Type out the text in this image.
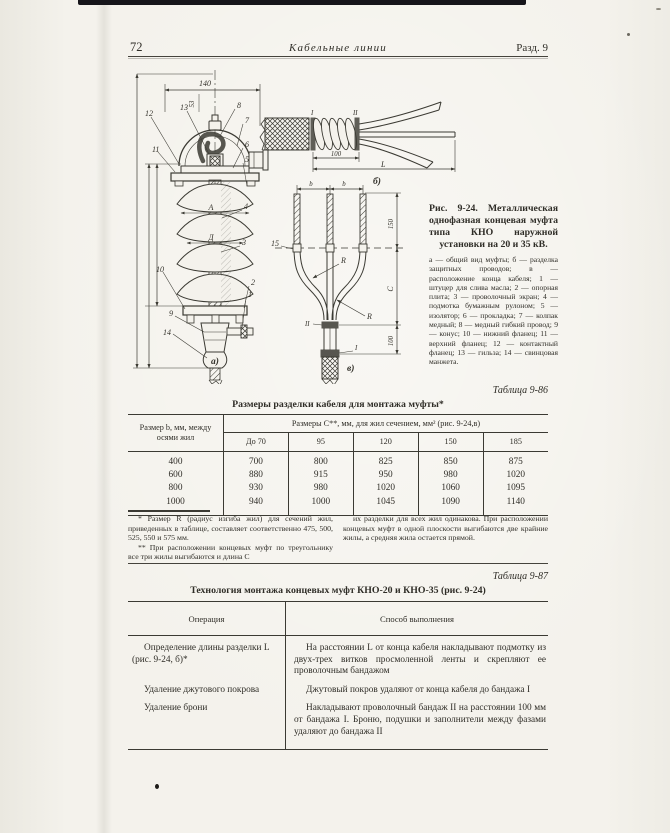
72	Кабельные линии	Разд. 9
140
53
А
Д
12
13
11
10
9
14
8
7
6
5
4
3
2
1
а)
I	II
100
L
б)
b	b
15
150
C
100
R
R
II
I
в)

Рис. 9-24. Металлическая однофазная концевая муфта типа КНО наружной установки на 20 и 35 кВ.

а — общий вид муфты; б — разделка защитных проводов; в — расположение конца кабеля; 1 — штуцер для слива масла; 2 — опорная плита; 3 — проволочный экран; 4 — подмотка бумажным рулоном; 5 — изолятор; 6 — прокладка; 7 — колпак медный; 8 — медный гибкий провод; 9 — конус; 10 — нижний фланец; 11 — верхний фланец; 12 — контактный фланец; 13 — гильза; 14 — свинцовая манжета.

Таблица 9-86
Размеры разделки кабеля для монтажа муфты*
Размер b, мм, между осями жил	Размеры С**, мм, для жил сечением, мм² (рис. 9-24,в)				
	До 70	95	120	150	185
400	700	800	825	850	875
600	880	915	950	980	1020
800	930	980	1020	1060	1095
1000	940	1000	1045	1090	1140

* Размер R (радиус изгиба жил) для сечений жил, приведенных в таблице, составляет соответственно 475, 500, 525, 550 и 575 мм.

** При расположении концевых муфт по треугольнику все три жилы выгибаются и длина С

их разделки для всех жил одинакова. При расположении концевых муфт в одной плоскости выгибаются две крайние жилы, а средняя жила остается прямой.

Таблица 9-87
Технология монтажа концевых муфт КНО-20 и КНО-35 (рис. 9-24)
Операция	Способ выполнения

Определение длины разделки L (рис. 9-24, б)*	На расстоянии L от конца кабеля накладывают подмотку из двух-трех витков просмоленной ленты и скрепляют ее проволочным бандажом

Удаление джутового покрова	Джутовый покров удаляют от конца кабеля до бандажа I

Удаление брони	Накладывают проволочный бандаж II на расстоянии 100 мм от бандажа I. Броню, подушки и заполнители между фазами удаляют до бандажа II
